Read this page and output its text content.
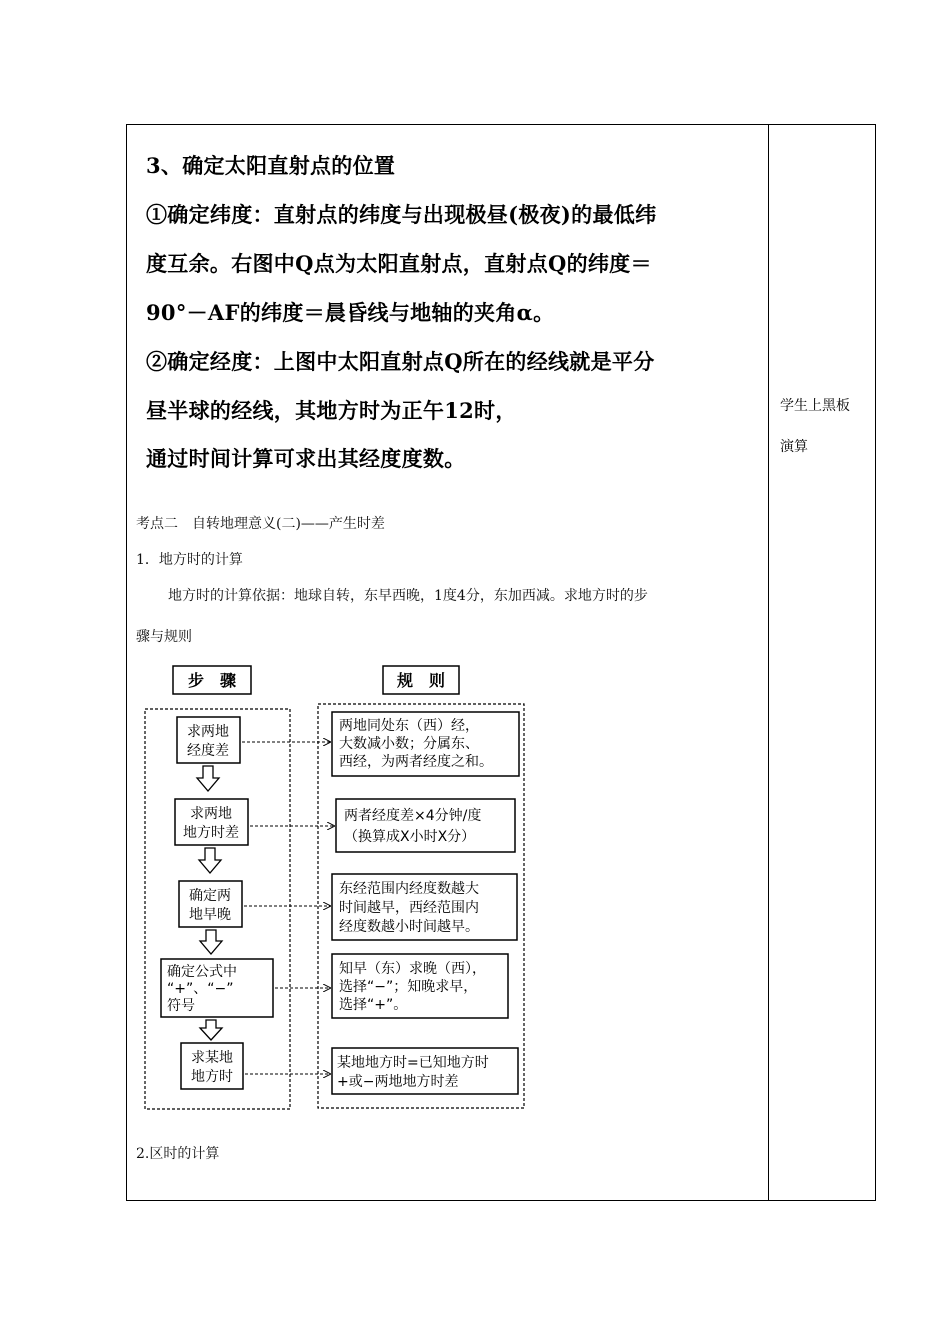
3、确定太阳直射点的位置
①确定纬度：直射点的纬度与出现极昼(极夜)的最低纬
度互余。右图中Q点为太阳直射点，直射点Q的纬度＝
90°－AF的纬度＝晨昏线与地轴的夹角α。
②确定经度：上图中太阳直射点Q所在的经线就是平分
昼半球的经线，其地方时为正午12时，
通过时间计算可求出其经度度数。
学生上黑板
演算
考点二　自转地理意义(二)——产生时差
1．地方时的计算
地方时的计算依据：地球自转，东早西晚，1度4分，东加西减。求地方时的步
骤与规则
2.区时的计算
步　骤	规　则
求两地
经度差
求两地
地方时差
确定两
地早晚
确定公式中
“+”、“−”
符号
求某地
地方时
两地同处东（西）经，
大数减小数；分属东、
西经，为两者经度之和。
两者经度差×4分钟/度
（换算成X小时X分）
东经范围内经度数越大
时间越早，西经范围内
经度数越小时间越早。
知早（东）求晚（西），
选择“−”；知晚求早，
选择“+”。
某地地方时=已知地方时
+或−两地地方时差
